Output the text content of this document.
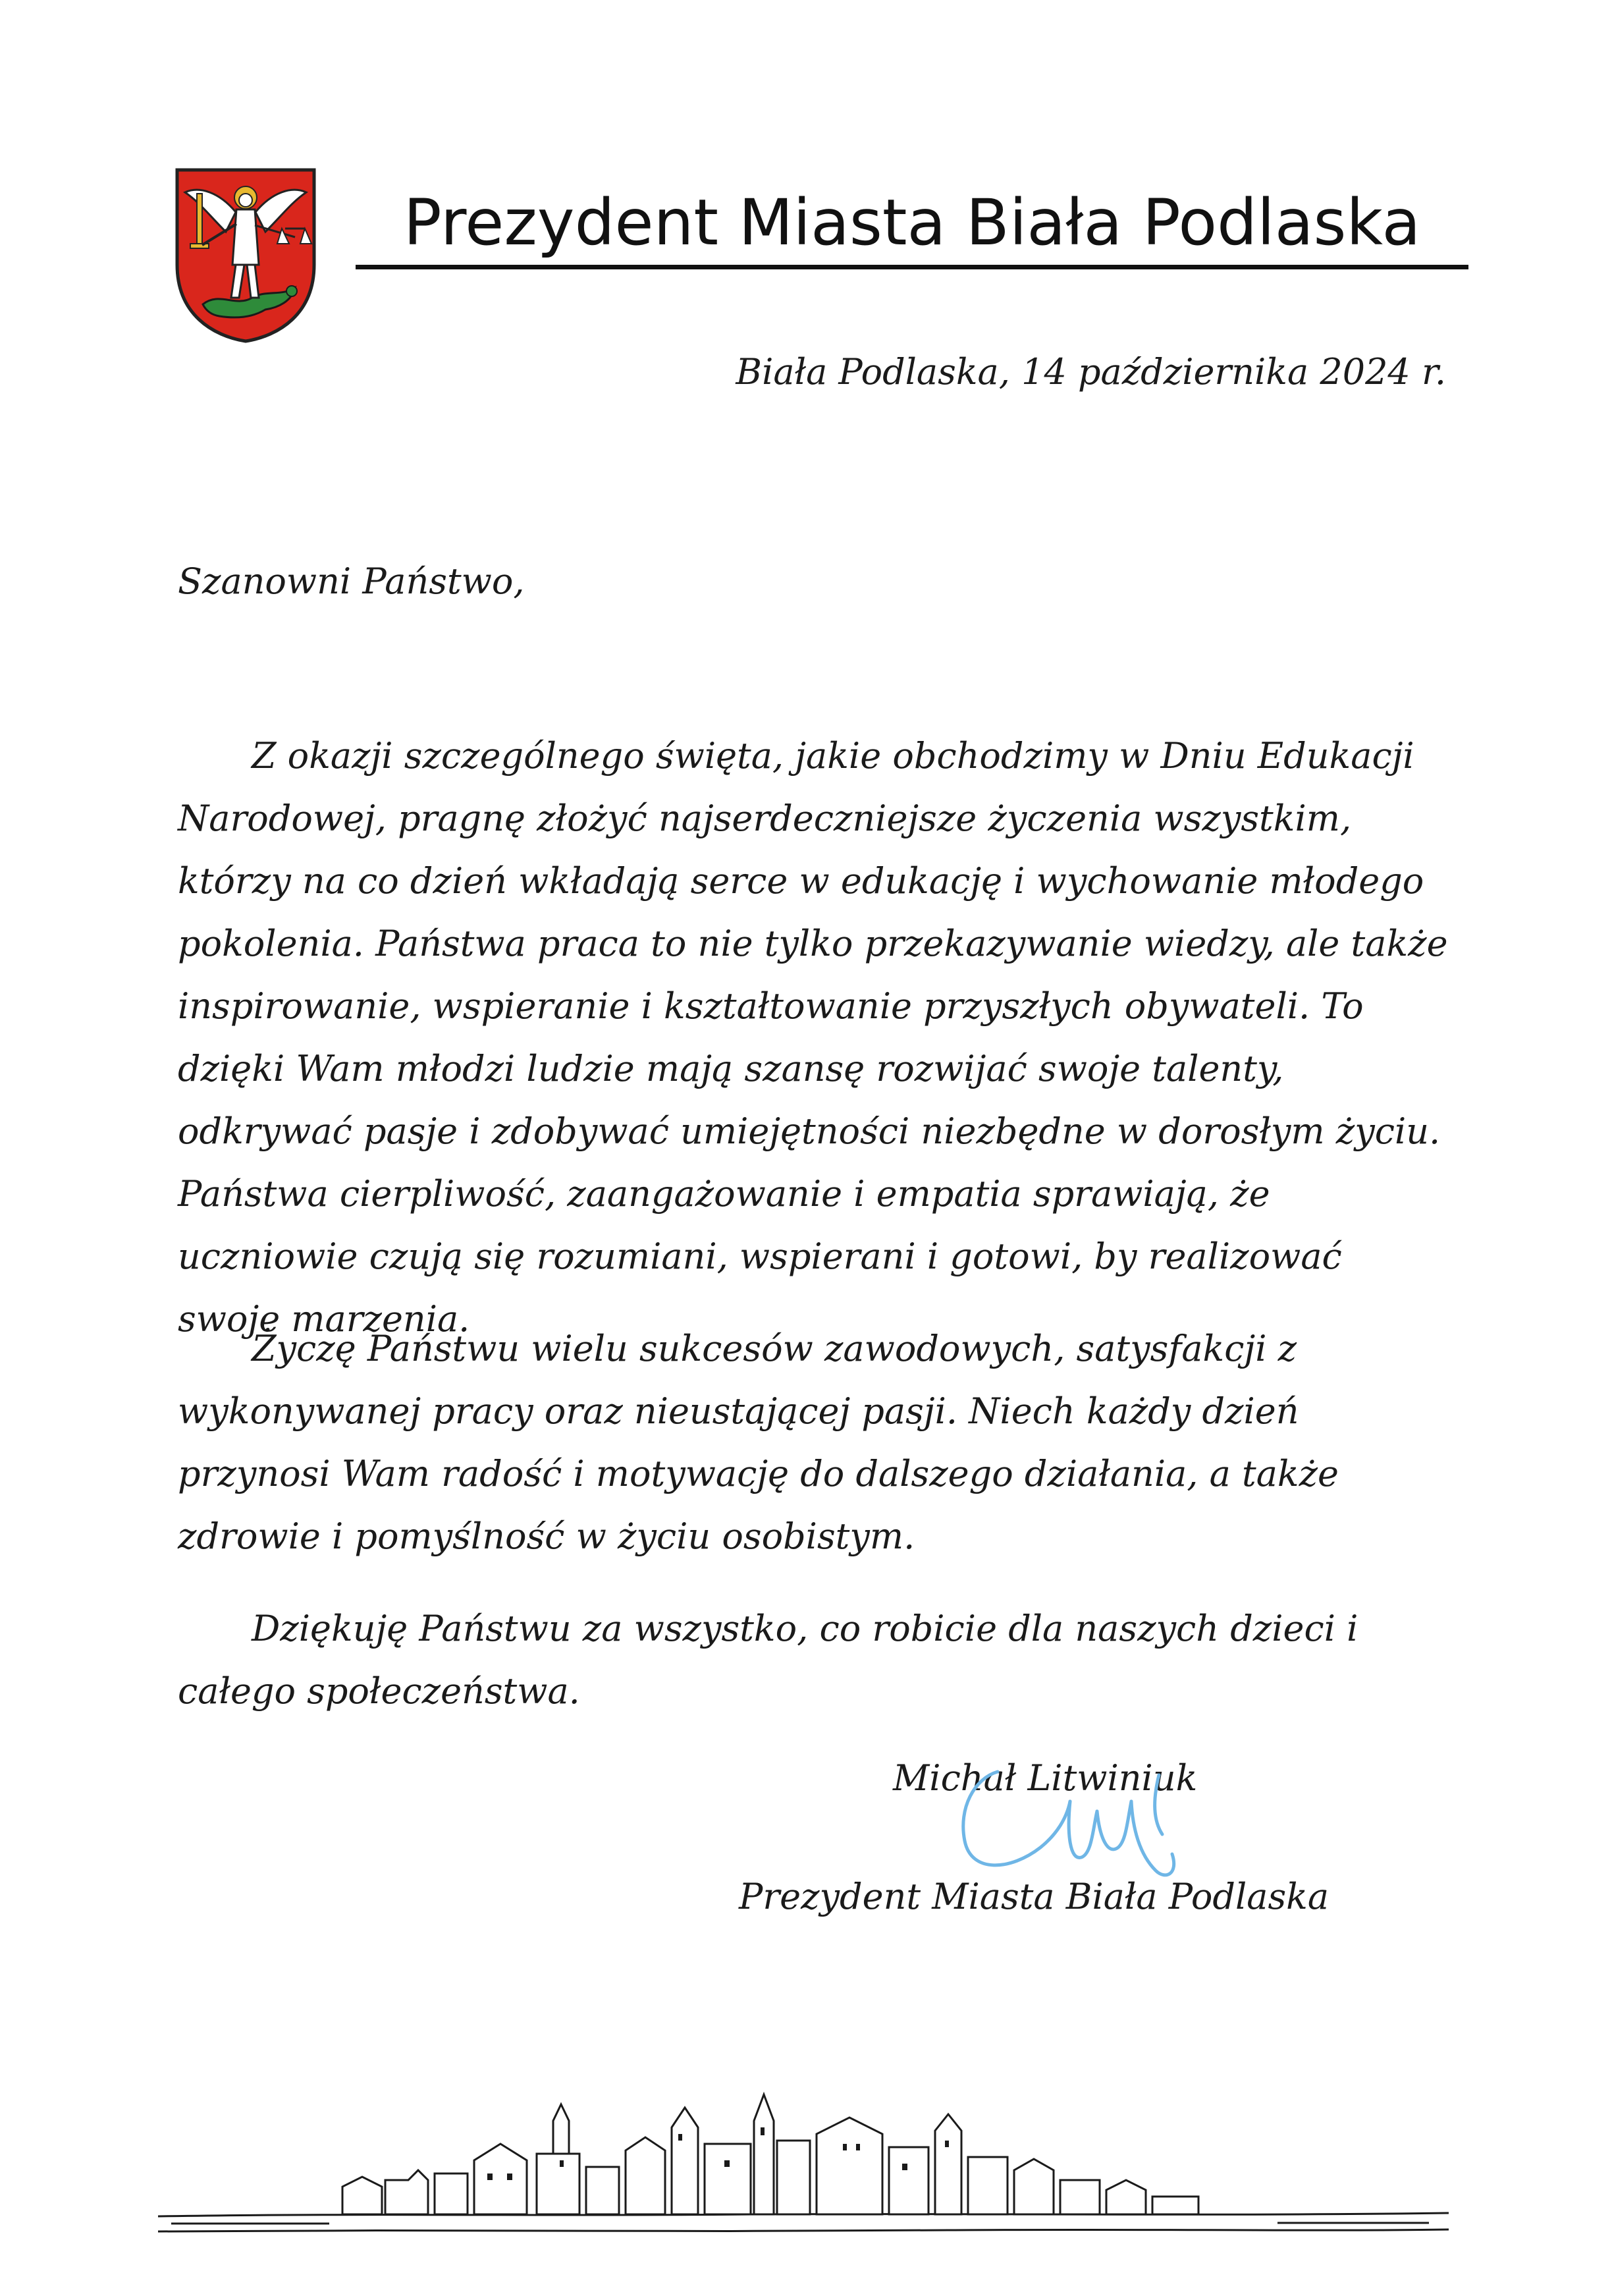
Prezydent Miasta Biała Podlaska
Biała Podlaska, 14 października 2024 r.
Szanowni Państwo,

Z okazji szczególnego święta, jakie obchodzimy w Dniu Edukacji Narodowej, pragnę złożyć najserdeczniejsze życzenia wszystkim, którzy na co dzień wkładają serce w edukację i wychowanie młodego pokolenia. Państwa praca to nie tylko przekazywanie wiedzy, ale także inspirowanie, wspieranie i kształtowanie przyszłych obywateli. To dzięki Wam młodzi ludzie mają szansę rozwijać swoje talenty, odkrywać pasje i zdobywać umiejętności niezbędne w dorosłym życiu. Państwa cierpliwość, zaangażowanie i empatia sprawiają, że uczniowie czują się rozumiani, wspierani i gotowi, by realizować swoje marzenia.

Życzę Państwu wielu sukcesów zawodowych, satysfakcji z wykonywanej pracy oraz nieustającej pasji. Niech każdy dzień przynosi Wam radość i motywację do dalszego działania, a także zdrowie i pomyślność w życiu osobistym.

Dziękuję Państwu za wszystko, co robicie dla naszych dzieci i całego społeczeństwa.

Michał Litwiniuk
Prezydent Miasta Biała Podlaska
